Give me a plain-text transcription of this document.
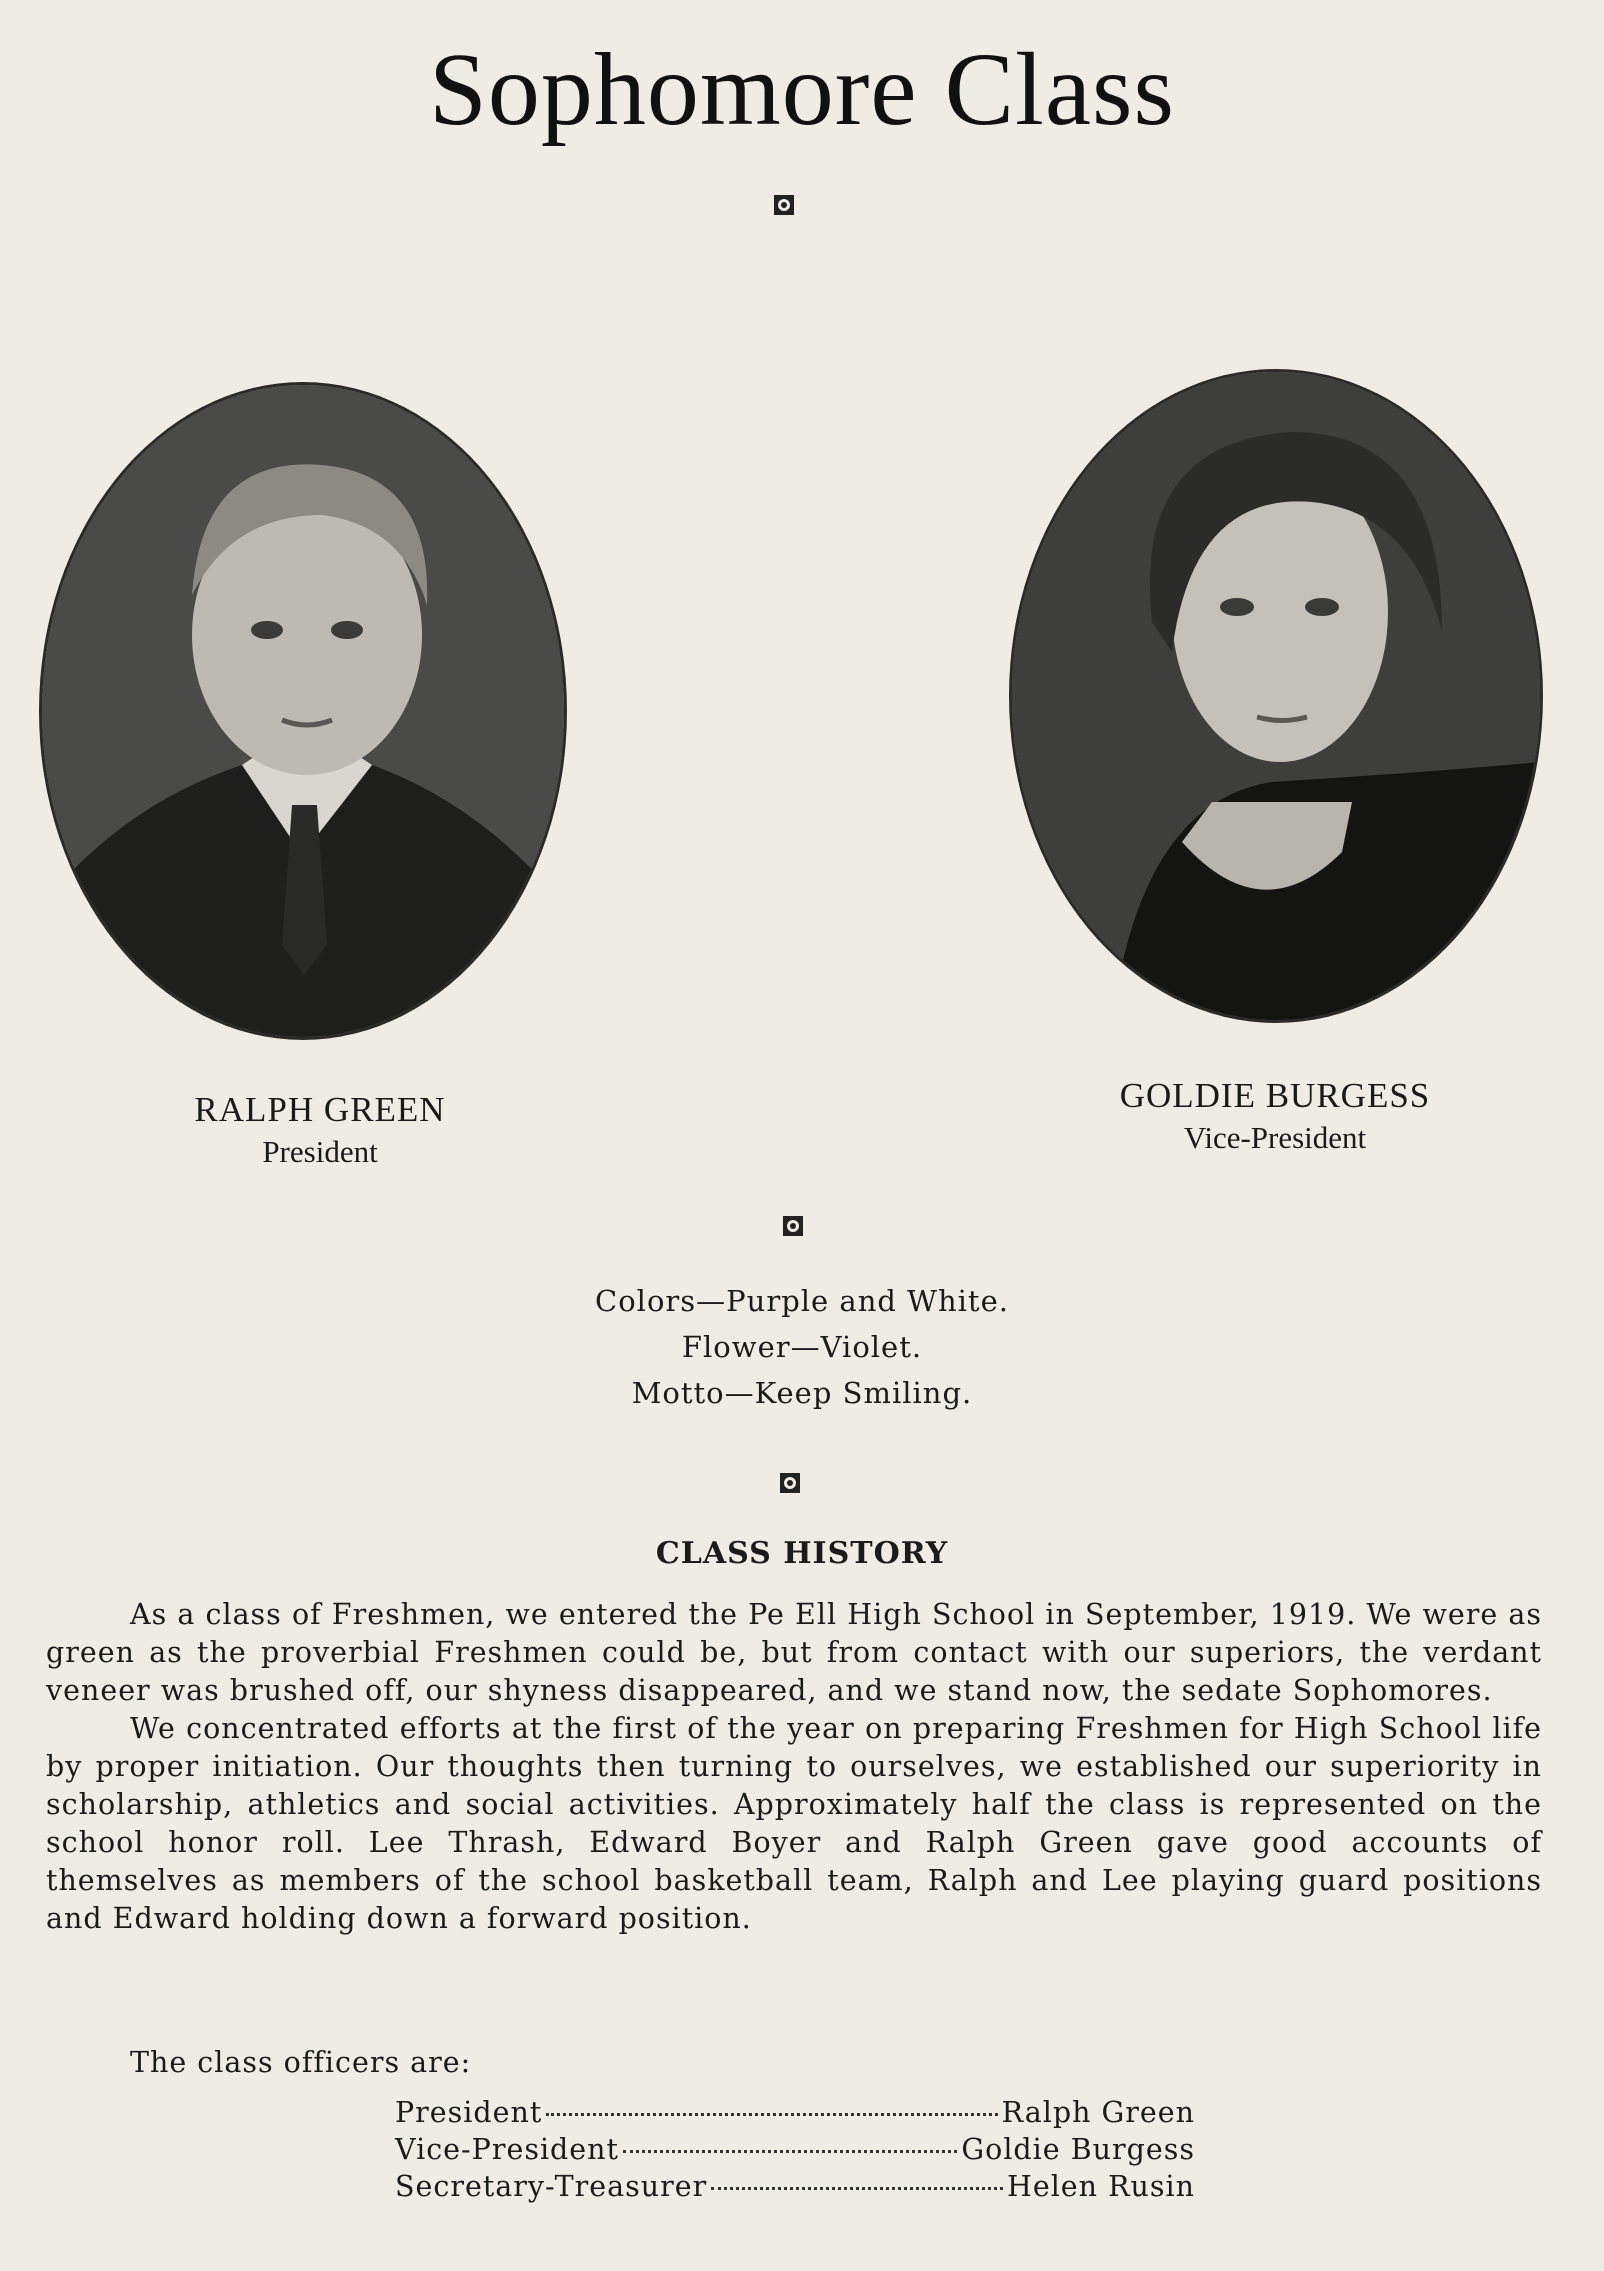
Sophomore Class
RALPH GREEN
President
GOLDIE BURGESS
Vice-President
Colors—Purple and White.
Flower—Violet.
Motto—Keep Smiling.
CLASS HISTORY

As a class of Freshmen, we entered the Pe Ell High School in September, 1919. We were as green as the proverbial Freshmen could be, but from contact with our superiors, the verdant veneer was brushed off, our shyness disappeared, and we stand now, the sedate Sophomores.

We concentrated efforts at the first of the year on preparing Freshmen for High School life by proper initiation. Our thoughts then turning to ourselves, we established our superiority in scholarship, athletics and social activities. Approximately half the class is represented on the school honor roll. Lee Thrash, Edward Boyer and Ralph Green gave good accounts of themselves as members of the school basketball team, Ralph and Lee playing guard positions and Edward holding down a forward position.

The class officers are:
President	Ralph Green
Vice-President	Goldie Burgess
Secretary-Treasurer	Helen Rusin
